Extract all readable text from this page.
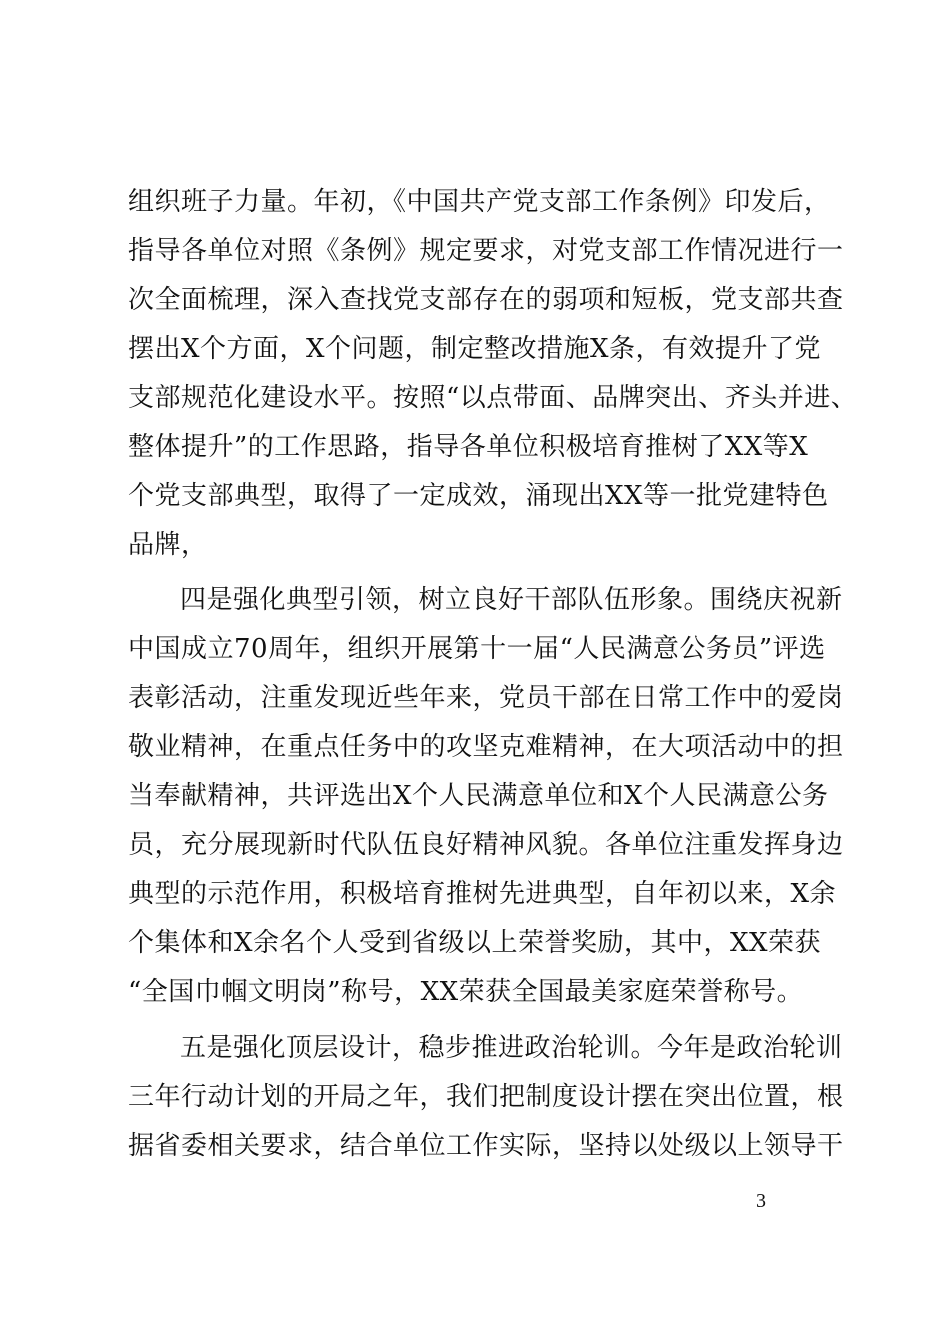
组织班子力量。年初，《中国共产党支部工作条例》印发后，
指导各单位对照《条例》规定要求，对党支部工作情况进行一
次全面梳理，深入查找党支部存在的弱项和短板，党支部共查
摆出X个方面，X个问题，制定整改措施X条，有效提升了党
支部规范化建设水平。按照“以点带面、品牌突出、齐头并进、
整体提升”的工作思路，指导各单位积极培育推树了XX等X
个党支部典型，取得了一定成效，涌现出XX等一批党建特色
品牌，
四是强化典型引领，树立良好干部队伍形象。围绕庆祝新
中国成立70周年，组织开展第十一届“人民满意公务员”评选
表彰活动，注重发现近些年来，党员干部在日常工作中的爱岗
敬业精神，在重点任务中的攻坚克难精神，在大项活动中的担
当奉献精神，共评选出X个人民满意单位和X个人民满意公务
员，充分展现新时代队伍良好精神风貌。各单位注重发挥身边
典型的示范作用，积极培育推树先进典型，自年初以来，X余
个集体和X余名个人受到省级以上荣誉奖励，其中，XX荣获
“全国巾帼文明岗”称号，XX荣获全国最美家庭荣誉称号。
五是强化顶层设计，稳步推进政治轮训。今年是政治轮训
三年行动计划的开局之年，我们把制度设计摆在突出位置，根
据省委相关要求，结合单位工作实际，坚持以处级以上领导干
3
